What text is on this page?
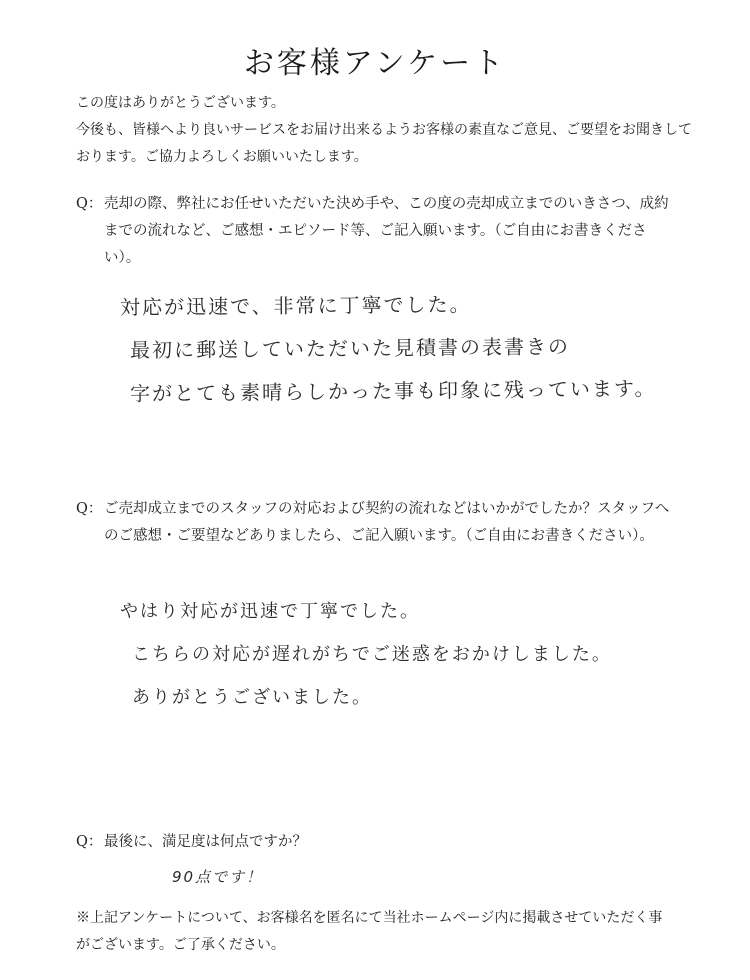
お客様アンケート

この度はありがとうございます。

今後も、皆様へより良いサービスをお届け出来るようお客様の素直なご意見、ご要望をお聞きしております。ご協力よろしくお願いいたします。

Q： 売却の際、弊社にお任せいただいた決め手や、この度の売却成立までのいきさつ、成約までの流れなど、ご感想・エピソード等、ご記入願います。（ご自由にお書きください）。
対応が迅速で、非常に丁寧でした。
最初に郵送していただいた見積書の表書きの
字がとても素晴らしかった事も印象に残っています。
Q： ご売却成立までのスタッフの対応および契約の流れなどはいかがでしたか？スタッフへのご感想・ご要望などありましたら、ご記入願います。（ご自由にお書きください）。
やはり対応が迅速で丁寧でした。
こちらの対応が遅れがちでご迷惑をおかけしました。
ありがとうございました。
Q： 最後に、満足度は何点ですか？
90点です！
※上記アンケートについて、お客様名を匿名にて当社ホームページ内に掲載させていただく事がございます。ご了承ください。
